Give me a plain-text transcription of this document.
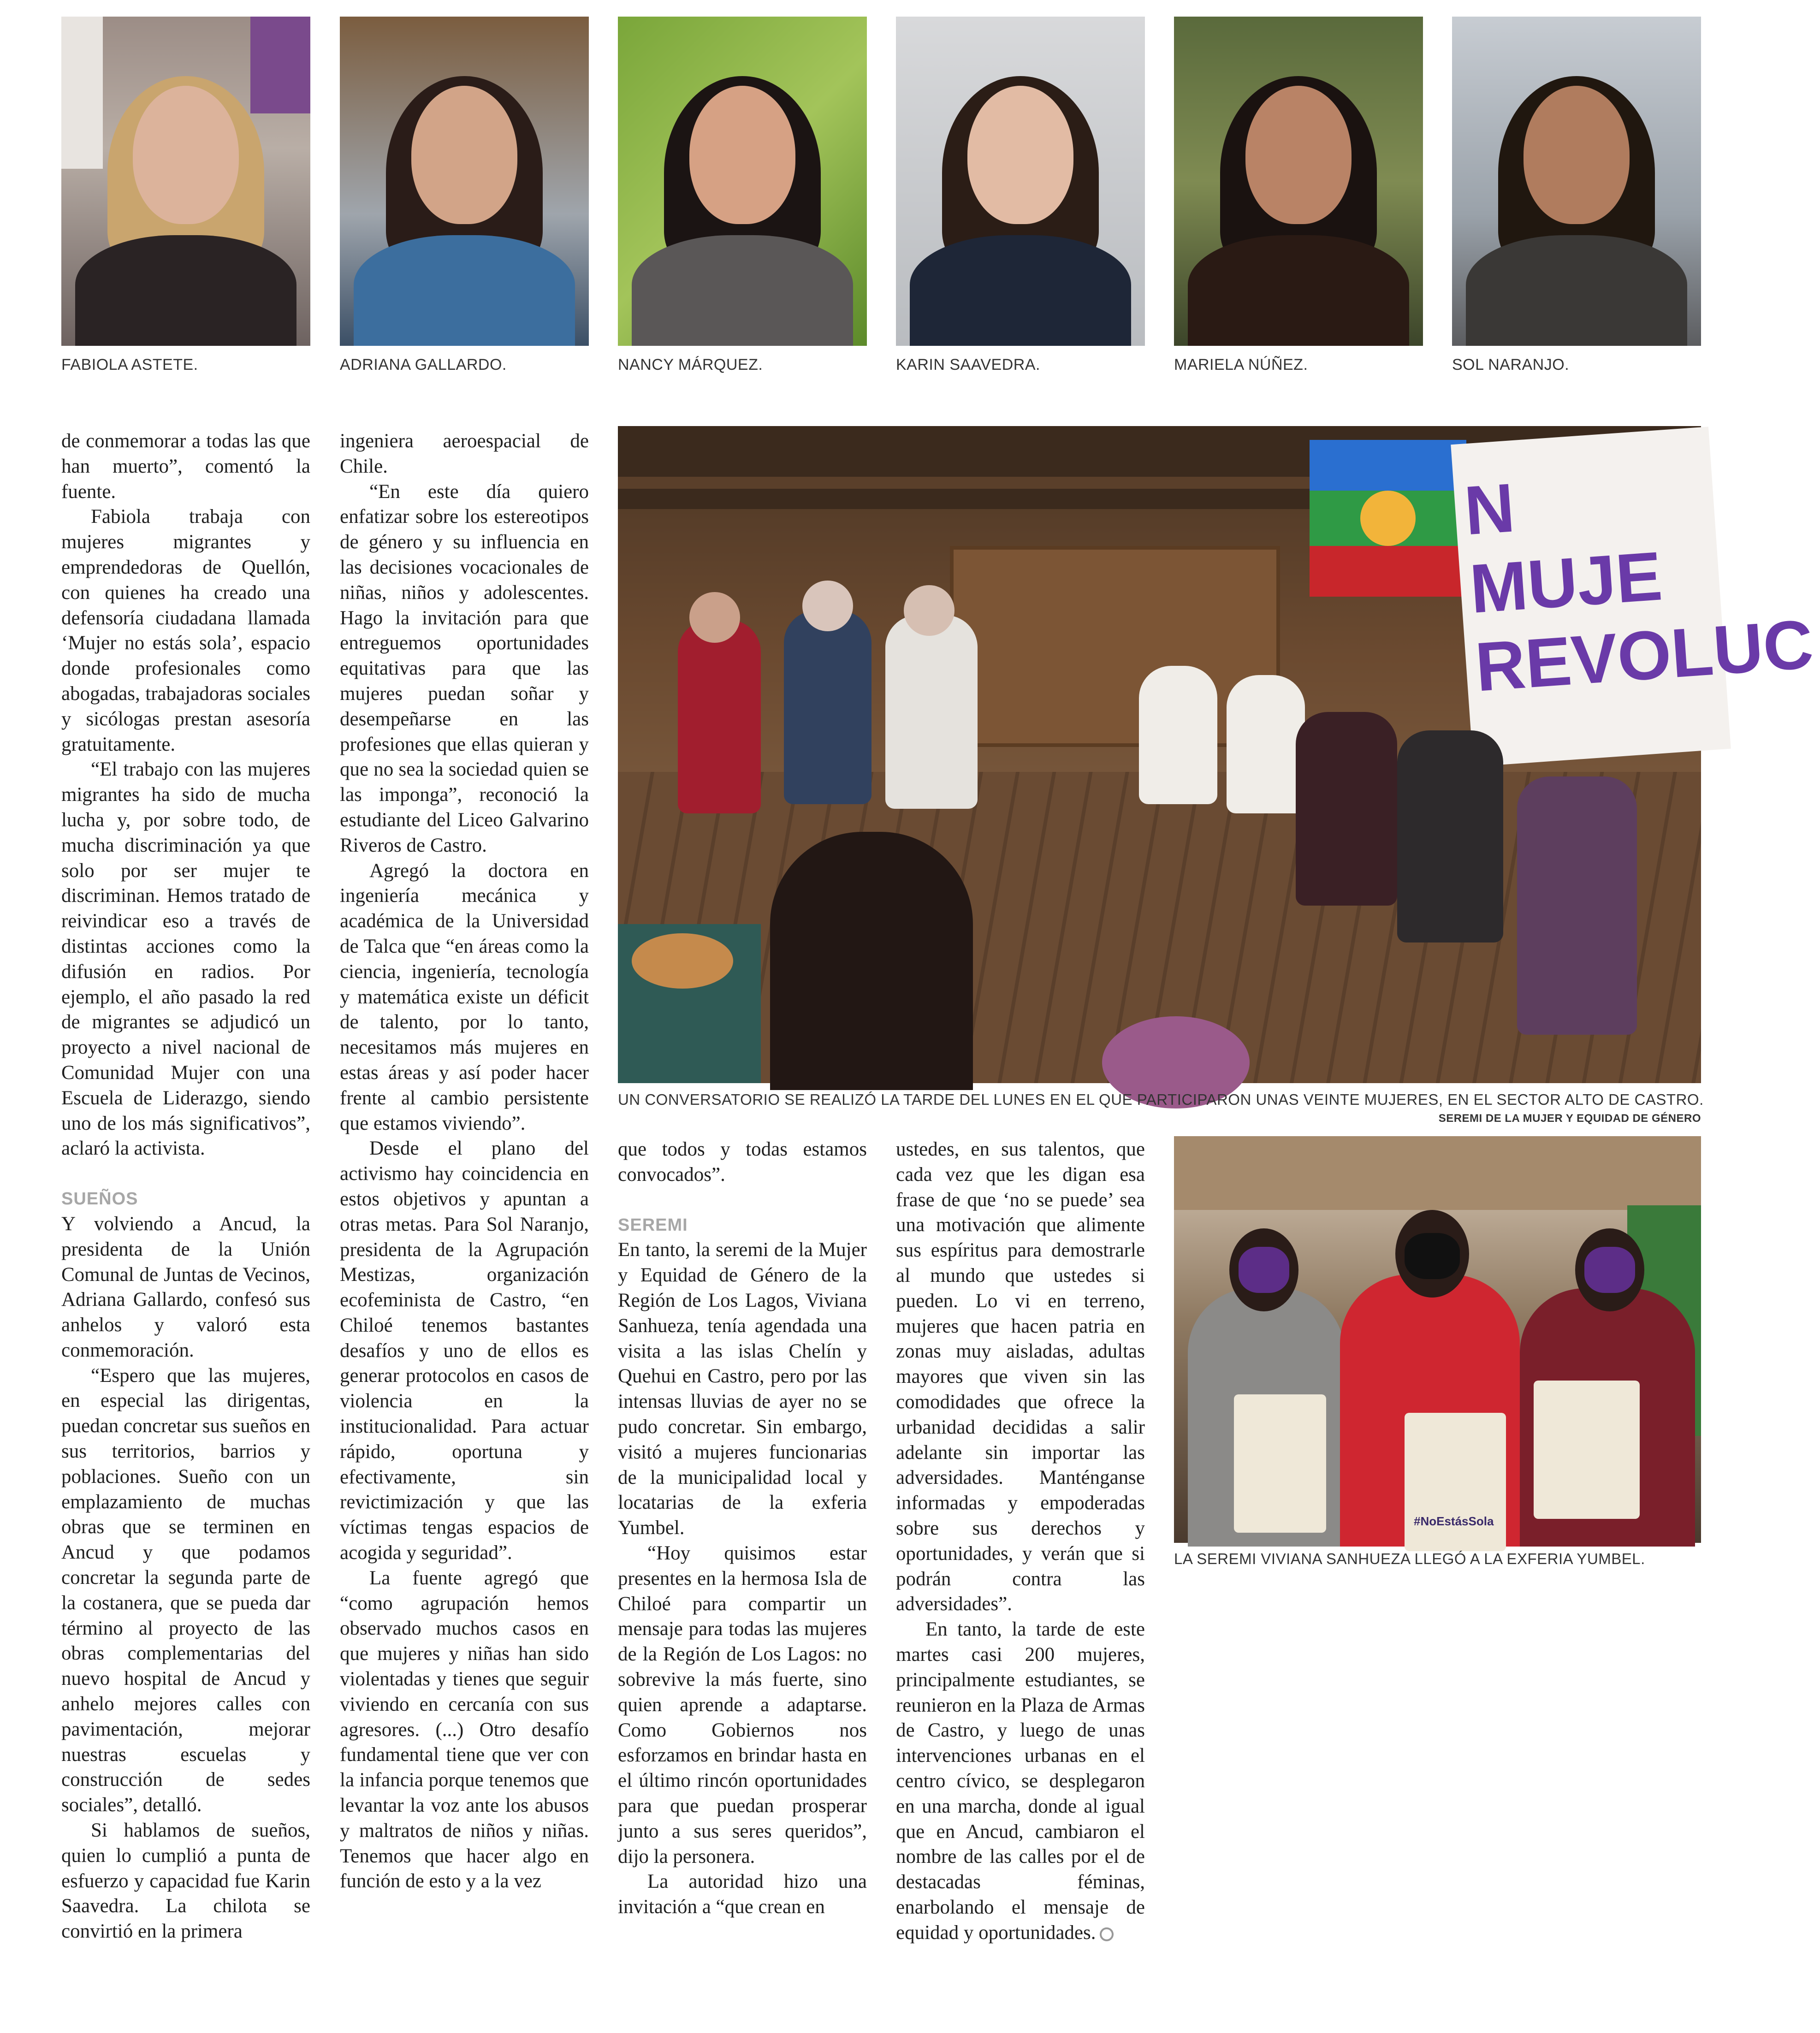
FABIOLA ASTETE.	ADRIANA GALLARDO.	NANCY MÁRQUEZ.	KARIN SAAVEDRA.	MARIELA NÚÑEZ.	SOL NARANJO.
N MUJE REVOLUC
UN CONVERSATORIO SE REALIZÓ LA TARDE DEL LUNES EN EL QUE PARTICIPARON UNAS VEINTE MUJERES, EN EL SECTOR ALTO DE CASTRO.
SEREMI DE LA MUJER Y EQUIDAD DE GÉNERO
#NoEstásSola
LA SEREMI VIVIANA SANHUEZA LLEGÓ A LA EXFERIA YUMBEL.

de conmemorar a todas las que han muerto”, comentó la fuente.

Fabiola trabaja con mujeres migrantes y emprendedoras de Quellón, con quienes ha creado una defensoría ciudadana llamada ‘Mujer no estás sola’, espacio donde profesionales como abogadas, trabajadoras sociales y sicólogas prestan asesoría gratuitamente.

“El trabajo con las mujeres migrantes ha sido de mucha lucha y, por sobre todo, de mucha discriminación ya que solo por ser mujer te discriminan. Hemos tratado de reivindicar eso a través de distintas acciones como la difusión en radios. Por ejemplo, el año pasado la red de migrantes se adjudicó un proyecto a nivel nacional de Comunidad Mujer con una Escuela de Liderazgo, siendo uno de los más significativos”, aclaró la activista.

SUEÑOS

Y volviendo a Ancud, la presidenta de la Unión Comunal de Juntas de Vecinos, Adriana Gallardo, confesó sus anhelos y valoró esta conmemoración.

“Espero que las mujeres, en especial las dirigentas, puedan concretar sus sueños en sus territorios, barrios y poblaciones. Sueño con un emplazamiento de muchas obras que se terminen en Ancud y que podamos concretar la segunda parte de la costanera, que se pueda dar término al proyecto de las obras complementarias del nuevo hospital de Ancud y anhelo mejores calles con pavimentación, mejorar nuestras escuelas y construcción de sedes sociales”, detalló.

Si hablamos de sueños, quien lo cumplió a punta de esfuerzo y capacidad fue Karin Saavedra. La chilota se convirtió en la primera

ingeniera aeroespacial de Chile.

“En este día quiero enfatizar sobre los estereotipos de género y su influencia en las decisiones vocacionales de niñas, niños y adolescentes. Hago la invitación para que entreguemos oportunidades equitativas para que las mujeres puedan soñar y desempeñarse en las profesiones que ellas quieran y que no sea la sociedad quien se las imponga”, reconoció la estudiante del Liceo Galvarino Riveros de Castro.

Agregó la doctora en ingeniería mecánica y académica de la Universidad de Talca que “en áreas como la ciencia, ingeniería, tecnología y matemática existe un déficit de talento, por lo tanto, necesitamos más mujeres en estas áreas y así poder hacer frente al cambio persistente que estamos viviendo”.

Desde el plano del activismo hay coincidencia en estos objetivos y apuntan a otras metas. Para Sol Naranjo, presidenta de la Agrupación Mestizas, organización ecofeminista de Castro, “en Chiloé tenemos bastantes desafíos y uno de ellos es generar protocolos en casos de violencia en la institucionalidad. Para actuar rápido, oportuna y efectivamente, sin revictimización y que las víctimas tengas espacios de acogida y seguridad”.

La fuente agregó que “como agrupación hemos observado muchos casos en que mujeres y niñas han sido violentadas y tienes que seguir viviendo en cercanía con sus agresores. (...) Otro desafío fundamental tiene que ver con la infancia porque tenemos que levantar la voz ante los abusos y maltratos de niños y niñas. Tenemos que hacer algo en función de esto y a la vez

que todos y todas estamos convocados”.

SEREMI

En tanto, la seremi de la Mujer y Equidad de Género de la Región de Los Lagos, Viviana Sanhueza, tenía agendada una visita a las islas Chelín y Quehui en Castro, pero por las intensas lluvias de ayer no se pudo concretar. Sin embargo, visitó a mujeres funcionarias de la municipalidad local y locatarias de la exferia Yumbel.

“Hoy quisimos estar presentes en la hermosa Isla de Chiloé para compartir un mensaje para todas las mujeres de la Región de Los Lagos: no sobrevive la más fuerte, sino quien aprende a adaptarse. Como Gobiernos nos esforzamos en brindar hasta en el último rincón oportunidades para que puedan prosperar junto a sus seres queridos”, dijo la personera.

La autoridad hizo una invitación a “que crean en

ustedes, en sus talentos, que cada vez que les digan esa frase de que ‘no se puede’ sea una motivación que alimente sus espíritus para demostrarle al mundo que ustedes si pueden. Lo vi en terreno, mujeres que hacen patria en zonas muy aisladas, adultas mayores que viven sin las comodidades que ofrece la urbanidad decididas a salir adelante sin importar las adversidades. Manténganse informadas y empoderadas sobre sus derechos y oportunidades, y verán que si podrán contra las adversidades”.

En tanto, la tarde de este martes casi 200 mujeres, principalmente estudiantes, se reunieron en la Plaza de Armas de Castro, y luego de unas intervenciones urbanas en el centro cívico, se desplegaron en una marcha, donde al igual que en Ancud, cambiaron el nombre de las calles por el de destacadas féminas, enarbolando el mensaje de equidad y oportunidades.
